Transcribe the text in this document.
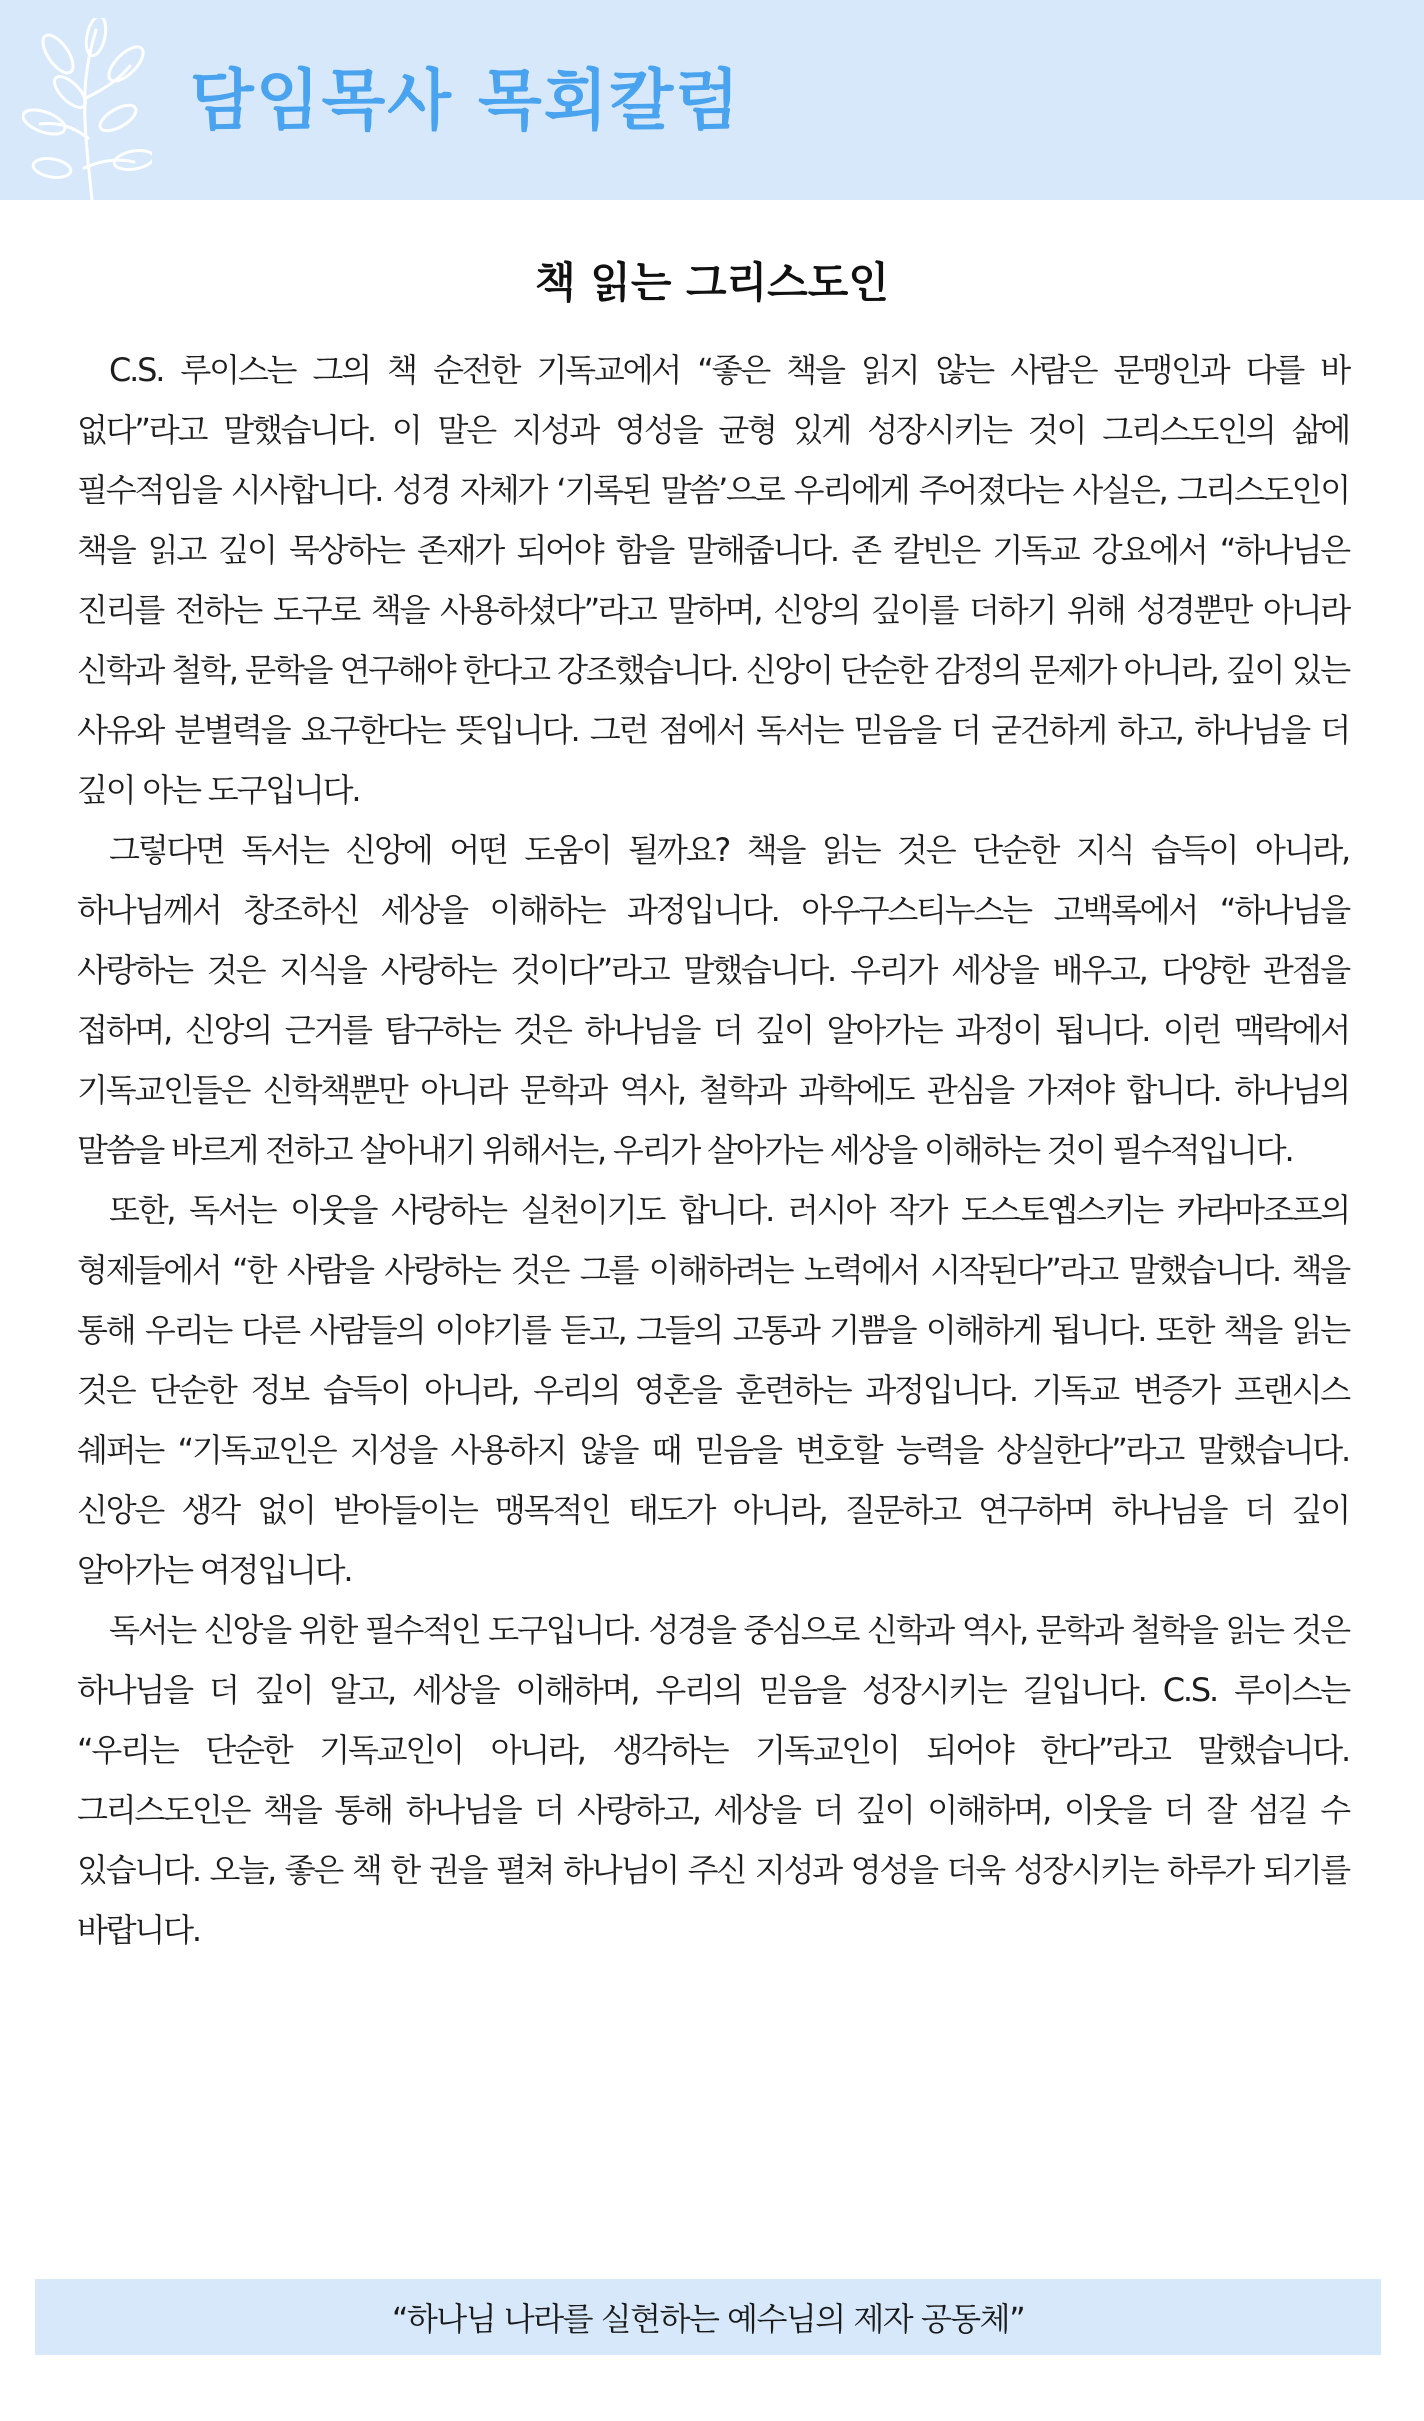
담임목사 목회칼럼
책 읽는 그리스도인

C.S. 루이스는 그의 책 순전한 기독교에서 “좋은 책을 읽지 않는 사람은 문맹인과 다를 바 없다”라고 말했습니다. 이 말은 지성과 영성을 균형 있게 성장시키는 것이 그리스도인의 삶에 필수적임을 시사합니다. 성경 자체가 ‘기록된 말씀’으로 우리에게 주어졌다는 사실은, 그리스도인이 책을 읽고 깊이 묵상하는 존재가 되어야 함을 말해줍니다. 존 칼빈은 기독교 강요에서 “하나님은 진리를 전하는 도구로 책을 사용하셨다”라고 말하며, 신앙의 깊이를 더하기 위해 성경뿐만 아니라 신학과 철학, 문학을 연구해야 한다고 강조했습니다. 신앙이 단순한 감정의 문제가 아니라, 깊이 있는 사유와 분별력을 요구한다는 뜻입니다. 그런 점에서 독서는 믿음을 더 굳건하게 하고, 하나님을 더 깊이 아는 도구입니다.

그렇다면 독서는 신앙에 어떤 도움이 될까요? 책을 읽는 것은 단순한 지식 습득이 아니라, 하나님께서 창조하신 세상을 이해하는 과정입니다. 아우구스티누스는 고백록에서 “하나님을 사랑하는 것은 지식을 사랑하는 것이다”라고 말했습니다. 우리가 세상을 배우고, 다양한 관점을 접하며, 신앙의 근거를 탐구하는 것은 하나님을 더 깊이 알아가는 과정이 됩니다. 이런 맥락에서 기독교인들은 신학책뿐만 아니라 문학과 역사, 철학과 과학에도 관심을 가져야 합니다. 하나님의 말씀을 바르게 전하고 살아내기 위해서는, 우리가 살아가는 세상을 이해하는 것이 필수적입니다.

또한, 독서는 이웃을 사랑하는 실천이기도 합니다. 러시아 작가 도스토옙스키는 카라마조프의 형제들에서 “한 사람을 사랑하는 것은 그를 이해하려는 노력에서 시작된다”라고 말했습니다. 책을 통해 우리는 다른 사람들의 이야기를 듣고, 그들의 고통과 기쁨을 이해하게 됩니다. 또한 책을 읽는 것은 단순한 정보 습득이 아니라, 우리의 영혼을 훈련하는 과정입니다. 기독교 변증가 프랜시스 쉐퍼는 “기독교인은 지성을 사용하지 않을 때 믿음을 변호할 능력을 상실한다”라고 말했습니다. 신앙은 생각 없이 받아들이는 맹목적인 태도가 아니라, 질문하고 연구하며 하나님을 더 깊이 알아가는 여정입니다.

독서는 신앙을 위한 필수적인 도구입니다. 성경을 중심으로 신학과 역사, 문학과 철학을 읽는 것은 하나님을 더 깊이 알고, 세상을 이해하며, 우리의 믿음을 성장시키는 길입니다. C.S. 루이스는 “우리는 단순한 기독교인이 아니라, 생각하는 기독교인이 되어야 한다”라고 말했습니다. 그리스도인은 책을 통해 하나님을 더 사랑하고, 세상을 더 깊이 이해하며, 이웃을 더 잘 섬길 수 있습니다. 오늘, 좋은 책 한 권을 펼쳐 하나님이 주신 지성과 영성을 더욱 성장시키는 하루가 되기를 바랍니다.

“하나님 나라를 실현하는 예수님의 제자 공동체”
